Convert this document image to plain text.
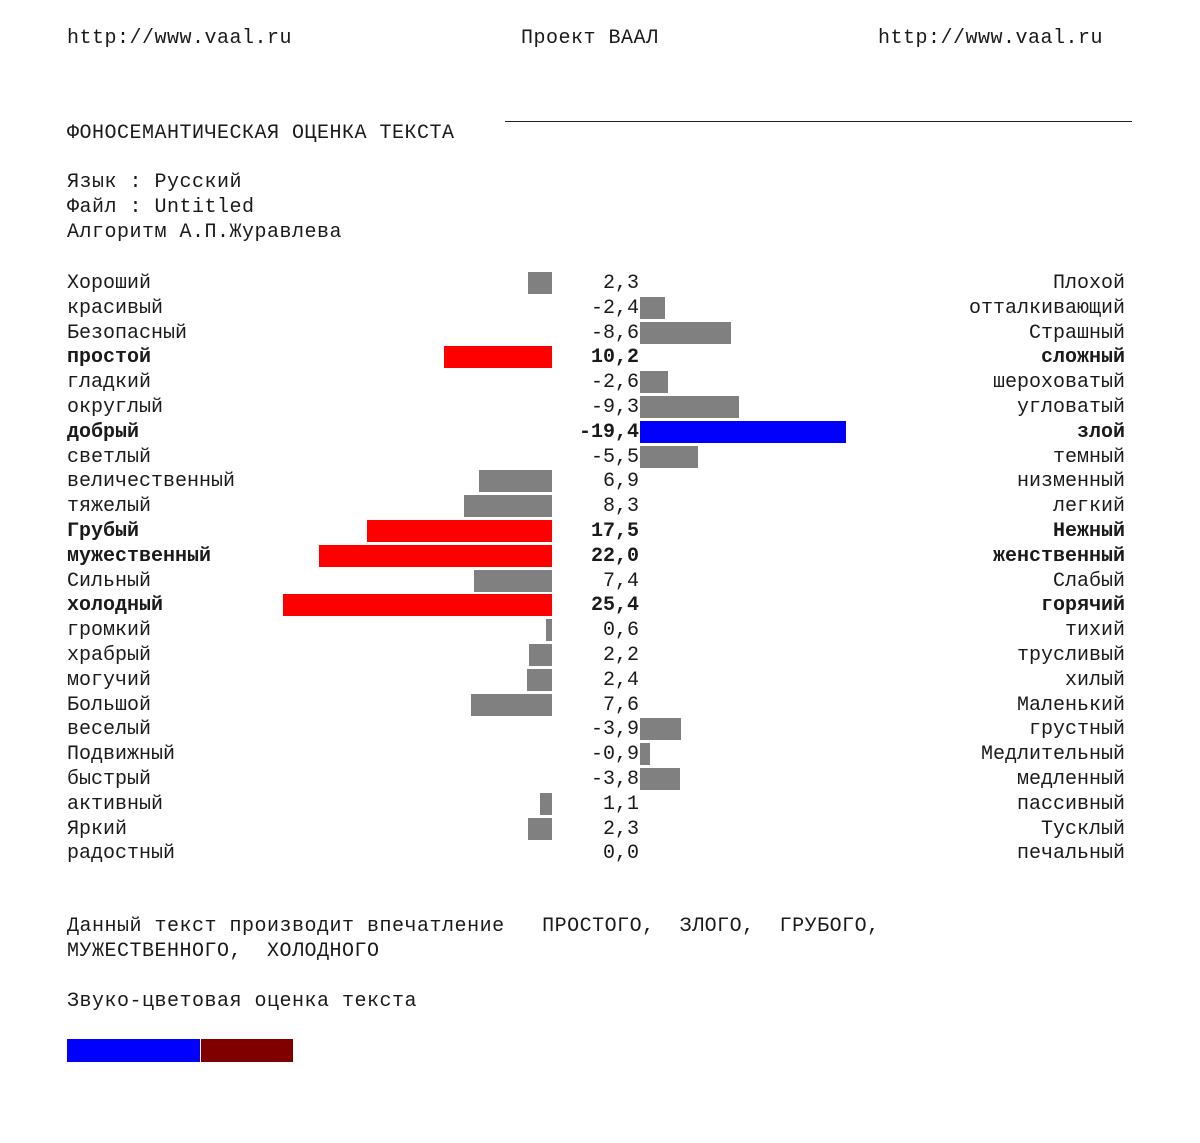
http://www.vaal.ru	Проект ВААЛ	http://www.vaal.ru
ФОНОСЕМАНТИЧЕСКАЯ ОЦЕНКА ТЕКСТА
Язык : Русский
Файл : Untitled
Алгоритм А.П.Журавлева
Хороший	2,3	Плохой
красивый	-2,4	отталкивающий
Безопасный	-8,6	Страшный
простой	10,2	сложный
гладкий	-2,6	шероховатый
округлый	-9,3	угловатый
добрый	-19,4	злой
светлый	-5,5	темный
величественный	6,9	низменный
тяжелый	8,3	легкий
Грубый	17,5	Нежный
мужественный	22,0	женственный
Сильный	7,4	Слабый
холодный	25,4	горячий
громкий	0,6	тихий
храбрый	2,2	трусливый
могучий	2,4	хилый
Большой	7,6	Маленький
веселый	-3,9	грустный
Подвижный	-0,9	Медлительный
быстрый	-3,8	медленный
активный	1,1	пассивный
Яркий	2,3	Тусклый
радостный	0,0	печальный
Данный текст производит впечатление   ПРОСТОГО,  ЗЛОГО,  ГРУБОГО,
МУЖЕСТВЕННОГО,  ХОЛОДНОГО
Звуко-цветовая оценка текста
